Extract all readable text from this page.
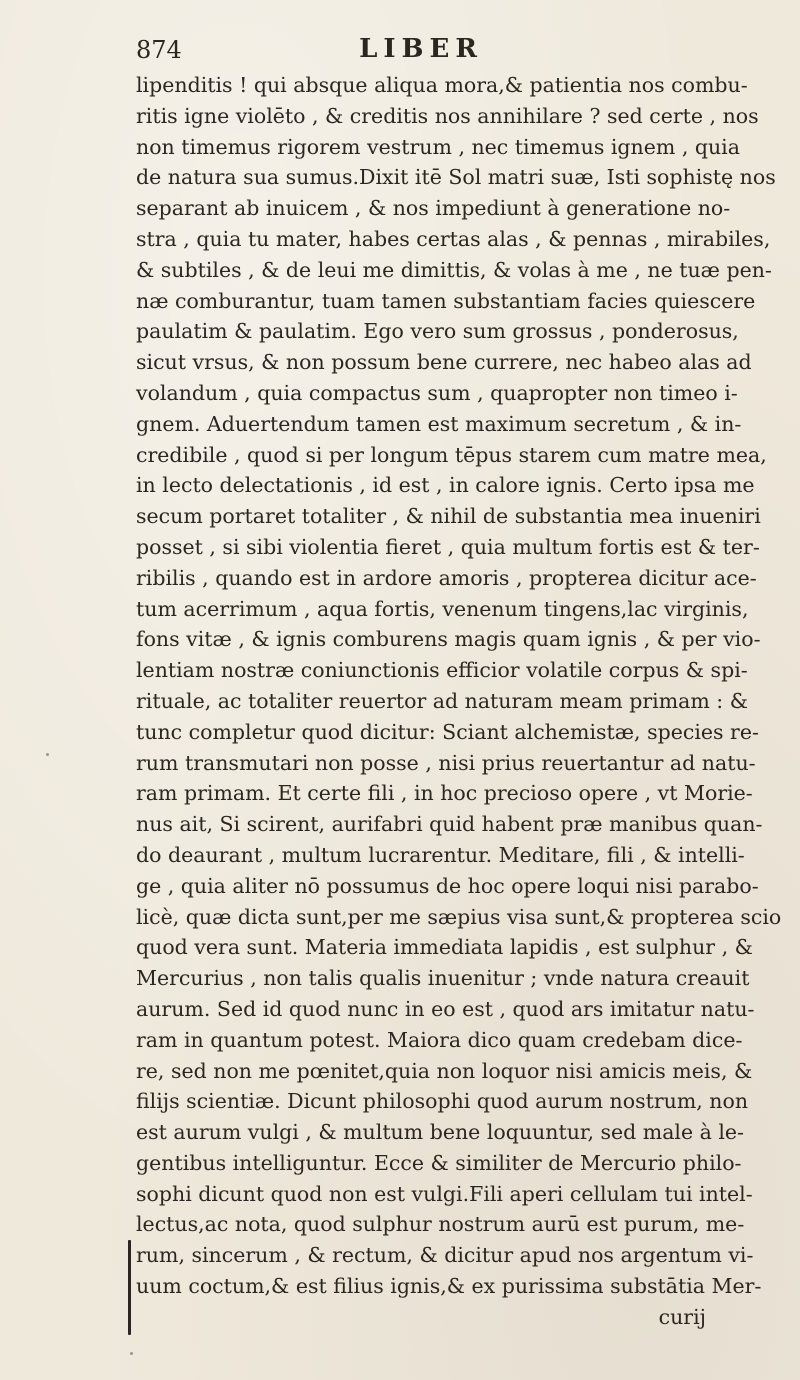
874	LIBER
lipenditis ! qui absque aliqua mora,& patientia nos combu-
ritis igne violēto , & creditis nos annihilare ? sed certe , nos
non timemus rigorem vestrum , nec timemus ignem , quia
de natura sua sumus.Dixit itē Sol matri suæ, Isti sophistę nos
separant ab inuicem , & nos impediunt à generatione no-
stra , quia tu mater, habes certas alas , & pennas , mirabiles,
& subtiles , & de leui me dimittis, & volas à me , ne tuæ pen-
næ comburantur, tuam tamen substantiam facies quiescere
paulatim & paulatim. Ego vero sum grossus , ponderosus,
sicut vrsus, & non possum bene currere, nec habeo alas ad
volandum , quia compactus sum , quapropter non timeo i-
gnem. Aduertendum tamen est maximum secretum , & in-
credibile , quod si per longum tēpus starem cum matre mea,
in lecto delectationis , id est , in calore ignis. Certo ipsa me
secum portaret totaliter , & nihil de substantia mea inueniri
posset , si sibi violentia fieret , quia multum fortis est & ter-
ribilis , quando est in ardore amoris , propterea dicitur ace-
tum acerrimum , aqua fortis, venenum tingens,lac virginis,
fons vitæ , & ignis comburens magis quam ignis , & per vio-
lentiam nostræ coniunctionis efficior volatile corpus & spi-
rituale, ac totaliter reuertor ad naturam meam primam : &
tunc completur quod dicitur: Sciant alchemistæ, species re-
rum transmutari non posse , nisi prius reuertantur ad natu-
ram primam. Et certe fili , in hoc precioso opere , vt Morie-
nus ait, Si scirent, aurifabri quid habent præ manibus quan-
do deaurant , multum lucrarentur. Meditare, fili , & intelli-
ge , quia aliter nō possumus de hoc opere loqui nisi parabo-
licè, quæ dicta sunt,per me sæpius visa sunt,& propterea scio
quod vera sunt. Materia immediata lapidis , est sulphur , &
Mercurius , non talis qualis inuenitur ; vnde natura creauit
aurum. Sed id quod nunc in eo est , quod ars imitatur natu-
ram in quantum potest. Maiora dico quam credebam dice-
re, sed non me pœnitet,quia non loquor nisi amicis meis, &
filijs scientiæ. Dicunt philosophi quod aurum nostrum, non
est aurum vulgi , & multum bene loquuntur, sed male à le-
gentibus intelliguntur. Ecce & similiter de Mercurio philo-
sophi dicunt quod non est vulgi.Fili aperi cellulam tui intel-
lectus,ac nota, quod sulphur nostrum aurū est purum, me-
rum, sincerum , & rectum, & dicitur apud nos argentum vi-
uum coctum,& est filius ignis,& ex purissima substātia Mer-
curij
